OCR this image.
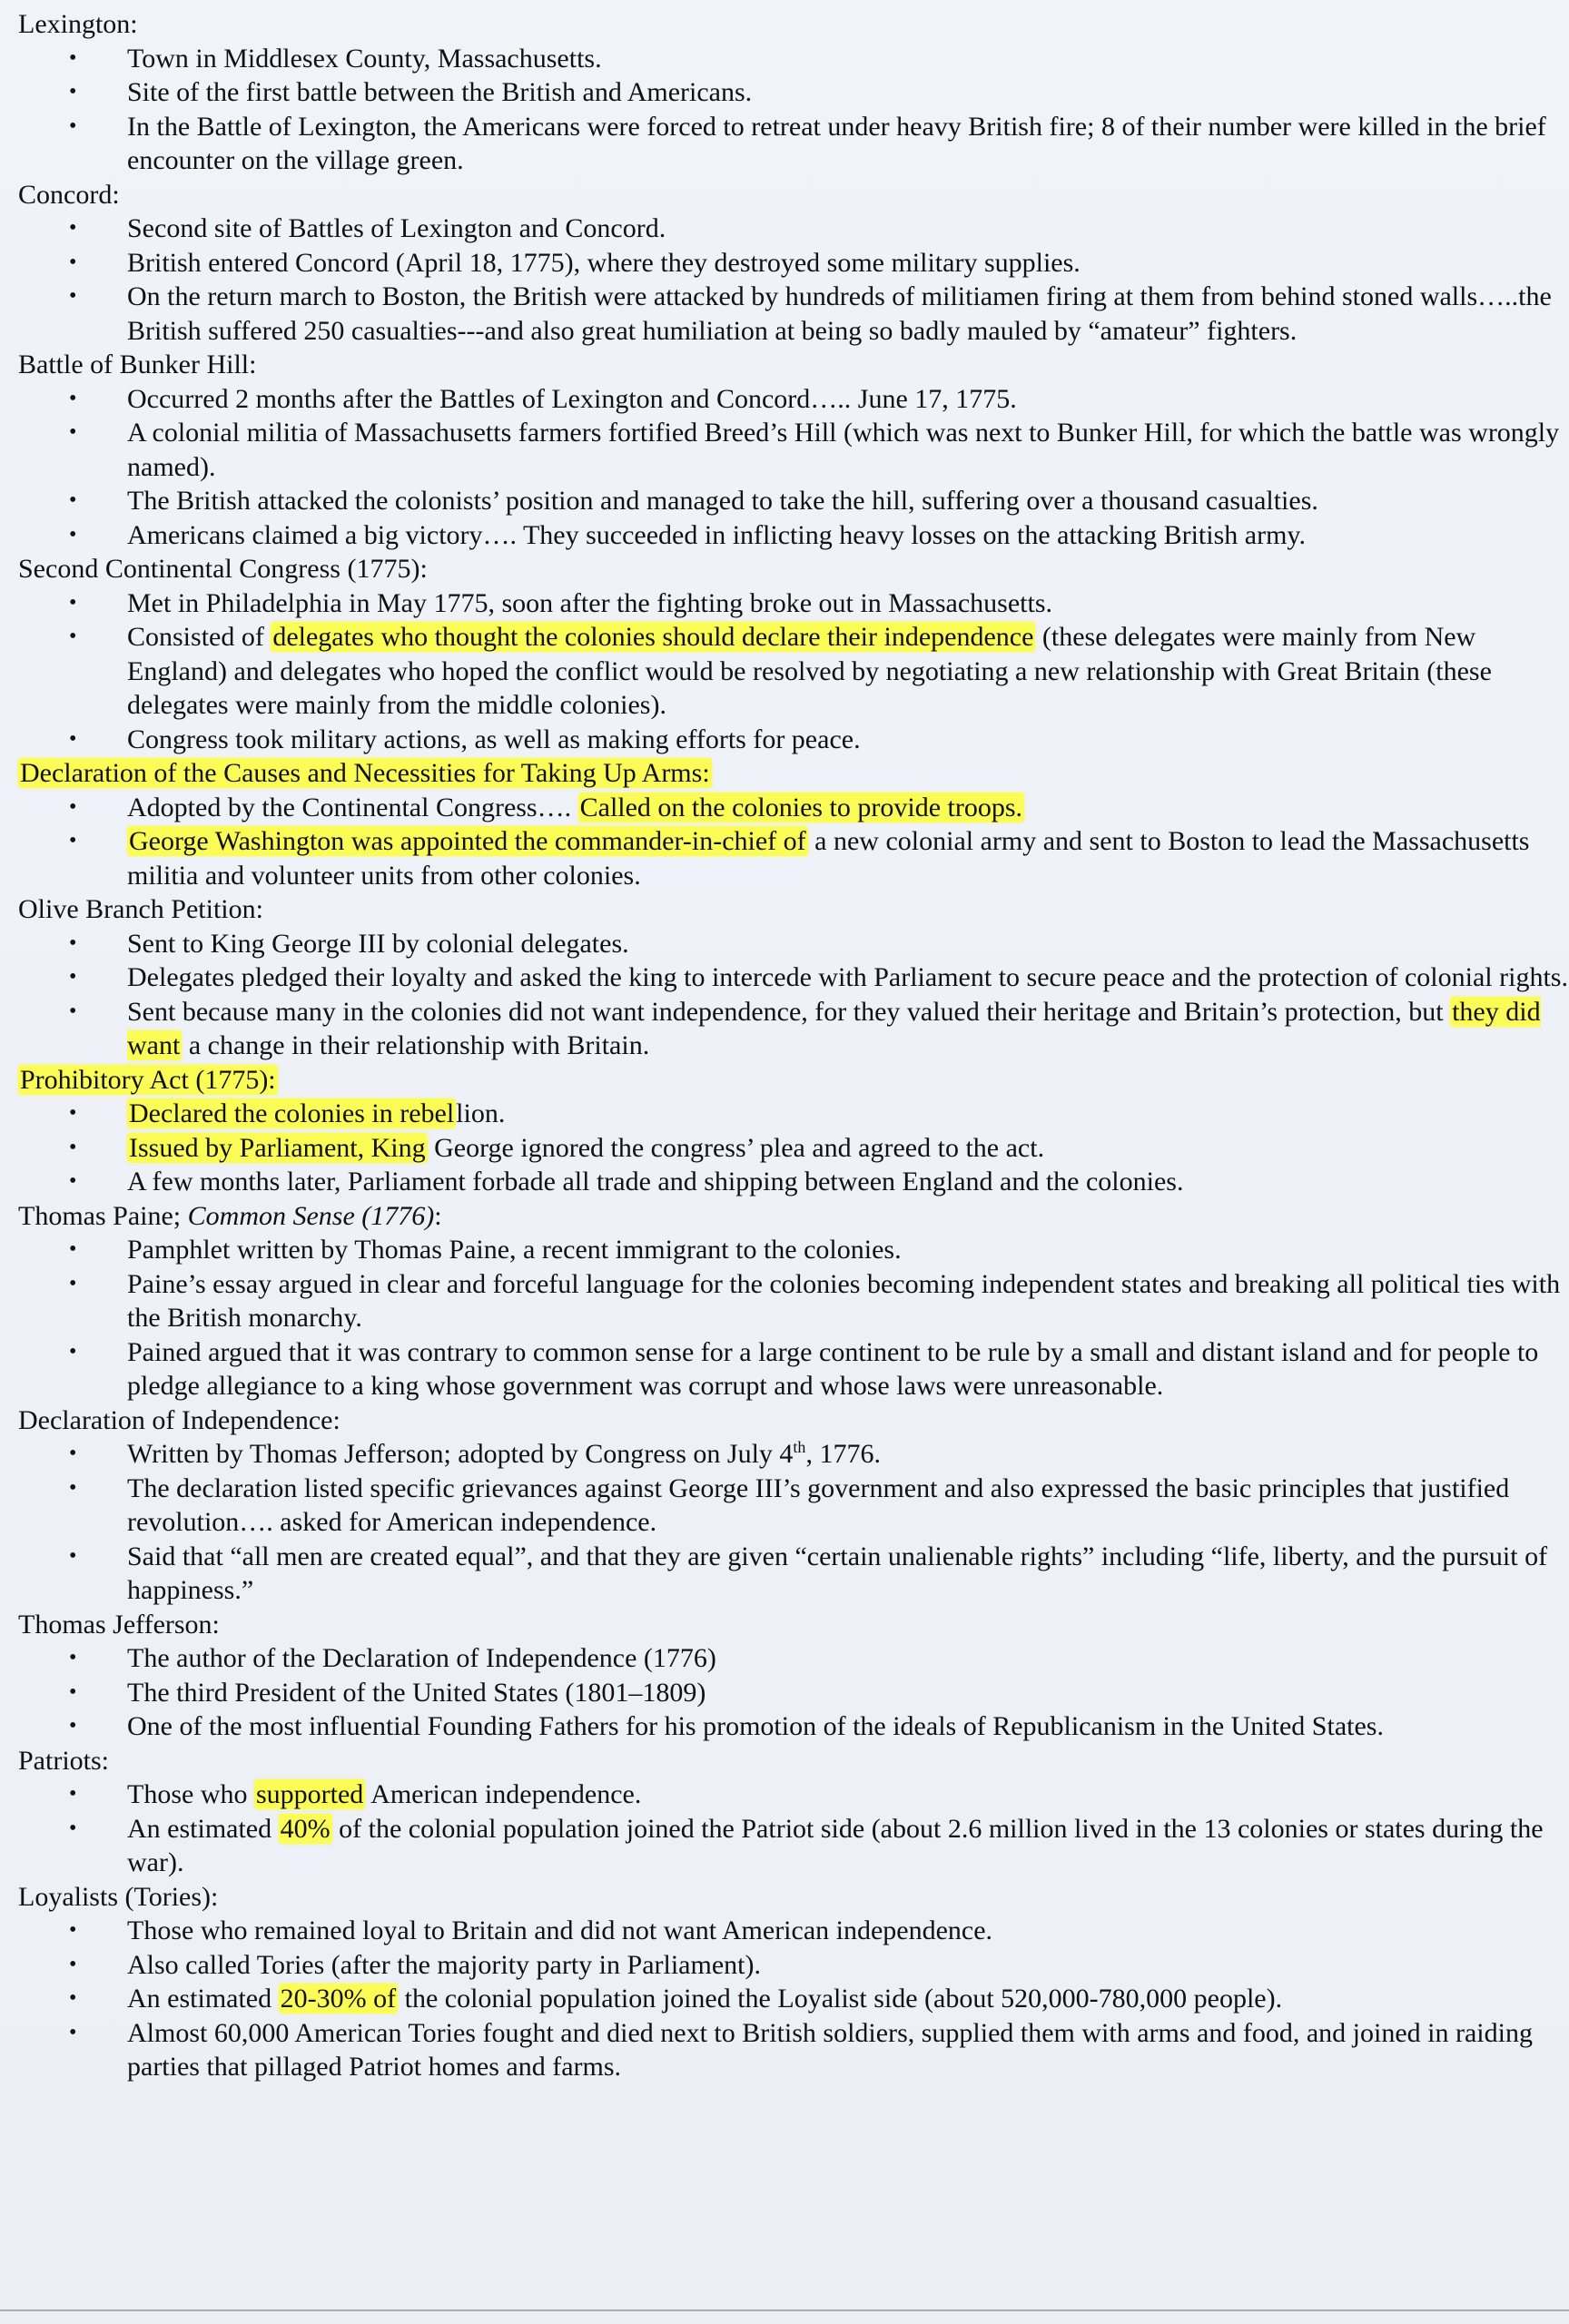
Lexington:
• Town in Middlesex County, Massachusetts.
• Site of the first battle between the British and Americans.
• In the Battle of Lexington, the Americans were forced to retreat under heavy British fire; 8 of their number were killed in the brief encounter on the village green.
Concord:
• Second site of Battles of Lexington and Concord.
• British entered Concord (April 18, 1775), where they destroyed some military supplies.
• On the return march to Boston, the British were attacked by hundreds of militiamen firing at them from behind stoned walls…..the British suffered 250 casualties---and also great humiliation at being so badly mauled by “amateur” fighters.
Battle of Bunker Hill:
• Occurred 2 months after the Battles of Lexington and Concord….. June 17, 1775.
• A colonial militia of Massachusetts farmers fortified Breed’s Hill (which was next to Bunker Hill, for which the battle was wrongly named).
• The British attacked the colonists’ position and managed to take the hill, suffering over a thousand casualties.
• Americans claimed a big victory…. They succeeded in inflicting heavy losses on the attacking British army.
Second Continental Congress (1775):
• Met in Philadelphia in May 1775, soon after the fighting broke out in Massachusetts.
• Consisted of delegates who thought the colonies should declare their independence (these delegates were mainly from New England) and delegates who hoped the conflict would be resolved by negotiating a new relationship with Great Britain (these delegates were mainly from the middle colonies).
• Congress took military actions, as well as making efforts for peace.
Declaration of the Causes and Necessities for Taking Up Arms:
• Adopted by the Continental Congress…. Called on the colonies to provide troops.
• George Washington was appointed the commander-in-chief of a new colonial army and sent to Boston to lead the Massachusetts militia and volunteer units from other colonies.
Olive Branch Petition:
• Sent to King George III by colonial delegates.
• Delegates pledged their loyalty and asked the king to intercede with Parliament to secure peace and the protection of colonial rights.
• Sent because many in the colonies did not want independence, for they valued their heritage and Britain’s protection, but they did want a change in their relationship with Britain.
Prohibitory Act (1775):
• Declared the colonies in rebellion.
• Issued by Parliament, King George ignored the congress’ plea and agreed to the act.
• A few months later, Parliament forbade all trade and shipping between England and the colonies.
Thomas Paine; Common Sense (1776):
• Pamphlet written by Thomas Paine, a recent immigrant to the colonies.
• Paine’s essay argued in clear and forceful language for the colonies becoming independent states and breaking all political ties with the British monarchy.
• Pained argued that it was contrary to common sense for a large continent to be rule by a small and distant island and for people to pledge allegiance to a king whose government was corrupt and whose laws were unreasonable.
Declaration of Independence:
• Written by Thomas Jefferson; adopted by Congress on July 4th, 1776.
• The declaration listed specific grievances against George III’s government and also expressed the basic principles that justified revolution…. asked for American independence.
• Said that “all men are created equal”, and that they are given “certain unalienable rights” including “life, liberty, and the pursuit of happiness.”
Thomas Jefferson:
• The author of the Declaration of Independence (1776)
• The third President of the United States (1801–1809)
• One of the most influential Founding Fathers for his promotion of the ideals of Republicanism in the United States.
Patriots:
• Those who supported American independence.
• An estimated 40% of the colonial population joined the Patriot side (about 2.6 million lived in the 13 colonies or states during the war).
Loyalists (Tories):
• Those who remained loyal to Britain and did not want American independence.
• Also called Tories (after the majority party in Parliament).
• An estimated 20-30% of the colonial population joined the Loyalist side (about 520,000-780,000 people).
• Almost 60,000 American Tories fought and died next to British soldiers, supplied them with arms and food, and joined in raiding parties that pillaged Patriot homes and farms.
